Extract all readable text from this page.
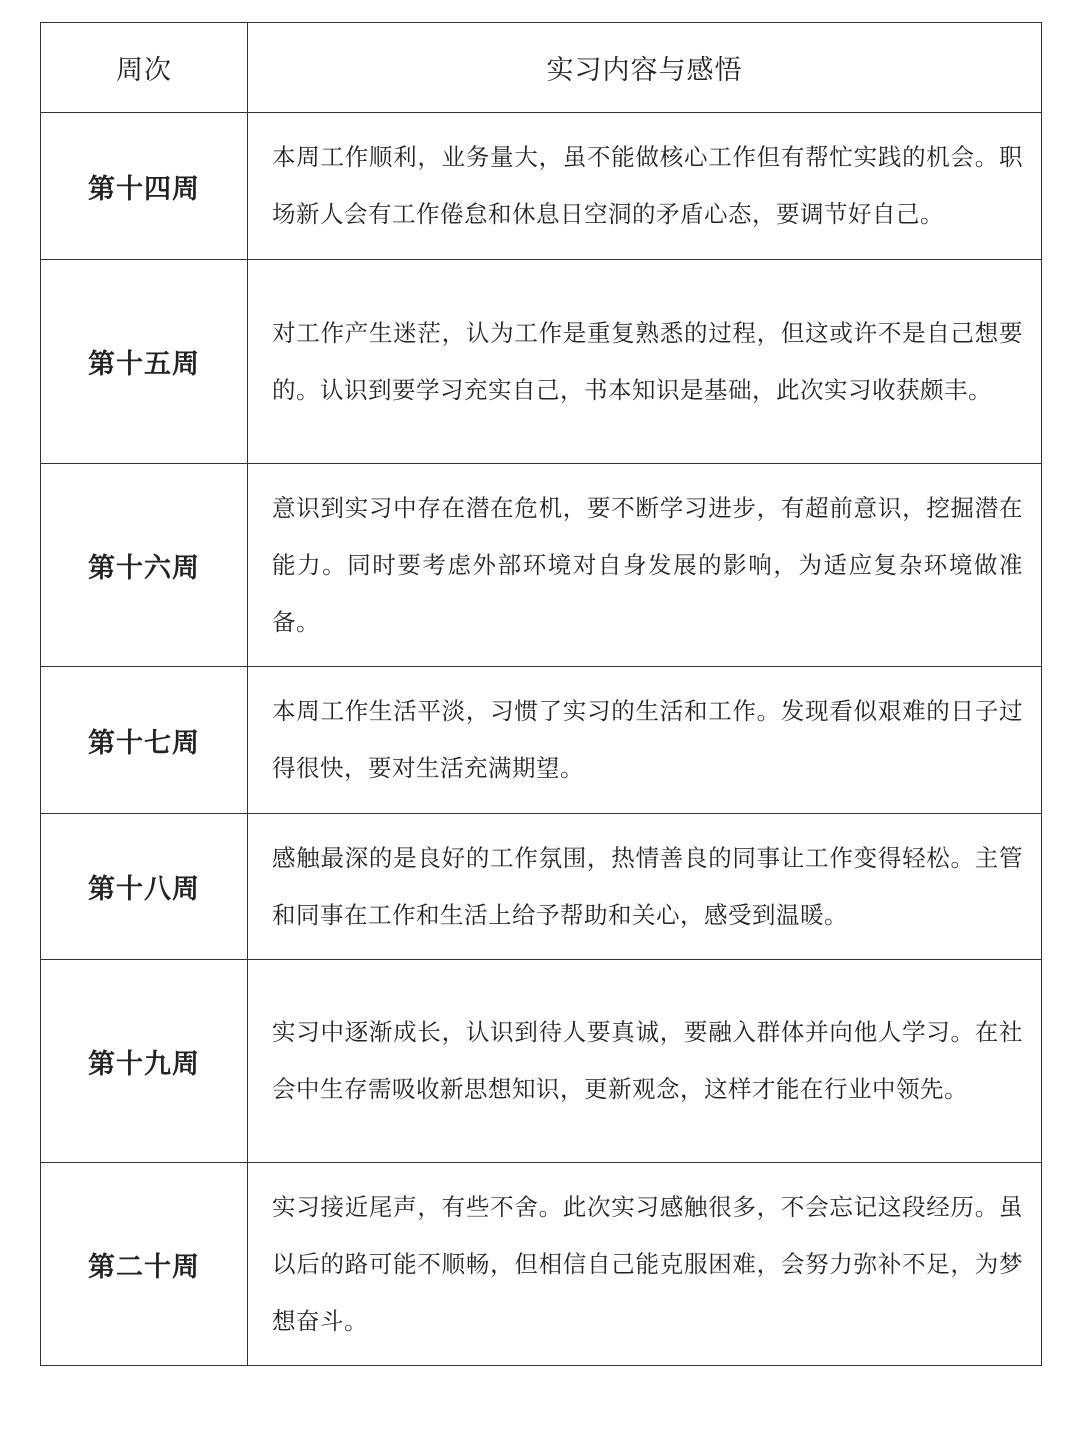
周次	实习内容与感悟
第十四周	本周工作顺利，业务量大，虽不能做核心工作但有帮忙实践的机会。职场新人会有工作倦怠和休息日空洞的矛盾心态，要调节好自己。
第十五周	对工作产生迷茫，认为工作是重复熟悉的过程，但这或许不是自己想要的。认识到要学习充实自己，书本知识是基础，此次实习收获颇丰。
第十六周	意识到实习中存在潜在危机，要不断学习进步，有超前意识，挖掘潜在能力。同时要考虑外部环境对自身发展的影响，为适应复杂环境做准备。
第十七周	本周工作生活平淡，习惯了实习的生活和工作。发现看似艰难的日子过得很快，要对生活充满期望。
第十八周	感触最深的是良好的工作氛围，热情善良的同事让工作变得轻松。主管和同事在工作和生活上给予帮助和关心，感受到温暖。
第十九周	实习中逐渐成长，认识到待人要真诚，要融入群体并向他人学习。在社会中生存需吸收新思想知识，更新观念，这样才能在行业中领先。
第二十周	实习接近尾声，有些不舍。此次实习感触很多，不会忘记这段经历。虽以后的路可能不顺畅，但相信自己能克服困难，会努力弥补不足，为梦想奋斗。
